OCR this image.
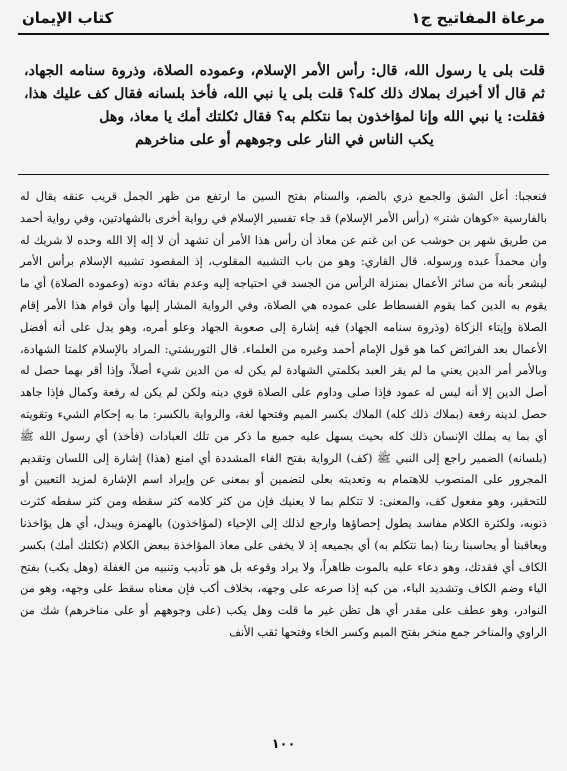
مرعاة المفاتيح ج١
كتاب الإيمان
قلت بلى يا رسول الله، قال: رأس الأمر الإسلام، وعموده الصلاة، وذروة سنامه الجهاد، ثم قال ألا أخبرك بملاك ذلك كله؟ قلت بلى يا نبي الله، فأخذ بلسانه فقال كف عليك هذا، فقلت: يا نبي الله وإنا لمؤاخذون بما نتكلم به؟ فقال ثكلتك أمك يا معاذ، وهل
يكب الناس في النار على وجوههم أو على مناخرهم

فنعجبا: أعل الشق والجمع ذري بالضم، والسنام بفتح السين ما ارتفع من ظهر الجمل قريب عنقه يقال له بالفارسية «كوهان شتر» (رأس الأمر الإسلام) قد جاء تفسير الإسلام في رواية أخرى بالشهادتين، وفي رواية أحمد من طريق شهر بن حوشب عن ابن غنم عن معاذ أن رأس هذا الأمر أن تشهد أن لا إله إلا الله وحده لا شريك له وأن محمداً عبده ورسوله. قال القاري: وهو من باب التشبيه المقلوب، إذ المقصود تشبيه الإسلام برأس الأمر ليشعر بأنه من سائر الأعمال بمنزلة الرأس من الجسد في احتياجه إليه وعدم بقائه دونه (وعموده الصلاة) أي ما يقوم به الدين كما يقوم الفسطاط على عموده هي الصلاة، وفي الرواية المشار إليها وأن قوام هذا الأمر إقام الصلاة وإيتاء الزكاة (وذروة سنامه الجهاد) فيه إشارة إلى صعوبة الجهاد وعلو أمره، وهو يدل على أنه أفضل الأعمال بعد الفرائض كما هو قول الإمام أحمد وغيره من العلماء. قال التوربشتي: المراد بالإسلام كلمتا الشهادة، وبالأمر أمر الدين يعني ما لم يقر العبد بكلمتي الشهادة لم يكن له من الدين شيء أصلاً، وإذا أقر بهما حصل له أصل الدين إلا أنه ليس له عمود فإذا صلى وداوم على الصلاة قوي دينه ولكن لم يكن له رفعة وكمال فإذا جاهد حصل لدينه رفعة (بملاك ذلك كله) الملاك بكسر الميم وفتحها لغة، والرواية بالكسر: ما به إحكام الشيء وتقويته أي بما يه يملك الإنسان ذلك كله بحيث يسهل عليه جميع ما ذكر من تلك العبادات (فأخذ) أي رسول الله ﷺ (بلسانه) الضمير راجع إلى النبي ﷺ (كف) الرواية بفتح الفاء المشددة أي امنع (هذا) إشارة إلى اللسان وتقديم المجرور على المنصوب للاهتمام به وتعديته بعلى لتضمين أو بمعنى عن وإيراد اسم الإشارة لمزيد التعيين أو للتحقير، وهو مفعول كف، والمعنى: لا تتكلم بما لا يعنيك فإن من كثر كلامه كثر سقطه ومن كثر سقطه كثرت ذنوبه، ولكثرة الكلام مفاسد يطول إحصاؤها وارجع لذلك إلى الإحياء (لمؤاخذون) بالهمزة ويبدل، أي هل يؤاخذنا ويعاقبنا أو يحاسبنا ربنا (بما نتكلم به) أي بجميعه إذ لا يخفى على معاذ المؤاخذة ببعض الكلام (ثكلتك أمك) بكسر الكاف أي فقدتك، وهو دعاء عليه بالموت ظاهراً، ولا يراد وقوعه بل هو تأديب وتنبيه من الغفلة (وهل يكب) بفتح الياء وضم الكاف وتشديد الباء، من كبه إذا صرعه على وجهه، بخلاف أكب فإن معناه سقط على وجهه، وهو من النوادر، وهو عطف على مقدر أي هل تظن غير ما قلت وهل يكب (على وجوههم أو على مناخرهم) شك من الراوي والمناخر جمع منخر بفتح الميم وكسر الخاء وفتحها ثقب الأنف

١٠٠
